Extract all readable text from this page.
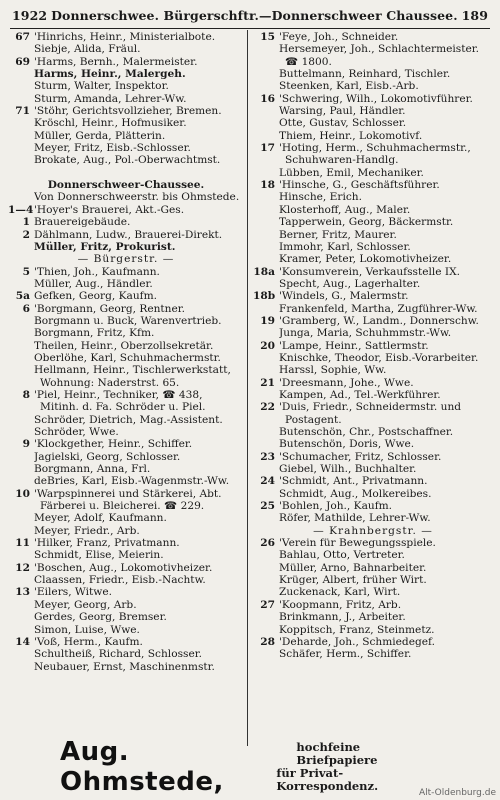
1922 Donnerschwee. Bürgerschftr.—Donnerschweer Chaussee. 189
67 'Hinrichs, Heinr., Ministerialbote.
Siebje, Alida, Fräul.
69 'Harms, Bernh., Malermeister.
Harms, Heinr., Malergeh.
Sturm, Walter, Inspektor.
Sturm, Amanda, Lehrer-Ww.
71 'Stöhr, Gerichtsvollzieher, Bremen.
Kröschl, Heinr., Hofmusiker.
Müller, Gerda, Plätterin.
Meyer, Fritz, Eisb.-Schlosser.
Brokate, Aug., Pol.-Oberwachtmst.
Donnerschweer-Chaussee.
Von Donnerschweerstr. bis Ohmstede.
1—4 'Hoyer's Brauerei, Akt.-Ges.
1 Brauereigebäude.
2 Dählmann, Ludw., Brauerei-Direkt.
Müller, Fritz, Prokurist.
— Bürgerstr. —
5 'Thien, Joh., Kaufmann.
Müller, Aug., Händler.
5a Gefken, Georg, Kaufm.
6 'Borgmann, Georg, Rentner.
Borgmann u. Buck, Warenvertrieb.
Borgmann, Fritz, Kfm.
Theilen, Heinr., Oberzollsekretär.
Oberlöhe, Karl, Schuhmachermstr.
Hellmann, Heinr., Tischlerwerkstatt,
Wohnung: Naderstrst. 65.
8 'Piel, Heinr., Techniker, ☎ 438,
Mitinh. d. Fa. Schröder u. Piel.
Schröder, Dietrich, Mag.-Assistent.
Schröder, Wwe.
9 'Klockgether, Heinr., Schiffer.
Jagielski, Georg, Schlosser.
Borgmann, Anna, Frl.
deBries, Karl, Eisb.-Wagenmstr.-Ww.
10 'Warpspinnerei und Stärkerei, Abt.
Färberei u. Bleicherei. ☎ 229.
Meyer, Adolf, Kaufmann.
Meyer, Friedr., Arb.
11 'Hilker, Franz, Privatmann.
Schmidt, Elise, Meierin.
12 'Boschen, Aug., Lokomotivheizer.
Claassen, Friedr., Eisb.-Nachtw.
13 'Eilers, Witwe.
Meyer, Georg, Arb.
Gerdes, Georg, Bremser.
Simon, Luise, Wwe.
14 'Voß, Herm., Kaufm.
Schultheiß, Richard, Schlosser.
Neubauer, Ernst, Maschinenmstr.
15 'Feye, Joh., Schneider.
Hersemeyer, Joh., Schlachtermeister.
☎ 1800.
Buttelmann, Reinhard, Tischler.
Steenken, Karl, Eisb.-Arb.
16 'Schwering, Wilh., Lokomotivführer.
Warsing, Paul, Händler.
Otte, Gustav, Schlosser.
Thiem, Heinr., Lokomotivf.
17 'Hoting, Herm., Schuhmachermstr.,
Schuhwaren-Handlg.
Lübben, Emil, Mechaniker.
18 'Hinsche, G., Geschäftsführer.
Hinsche, Erich.
Klosterhoff, Aug., Maler.
Tapperwein, Georg, Bäckermstr.
Berner, Fritz, Maurer.
Immohr, Karl, Schlosser.
Kramer, Peter, Lokomotivheizer.
18a 'Konsumverein, Verkaufsstelle IX.
Specht, Aug., Lagerhalter.
18b 'Windels, G., Malermstr.
Frankenfeld, Martha, Zugführer-Ww.
19 'Gramberg, W., Landm., Donnerschw.
Junga, Maria, Schuhmmstr.-Ww.
20 'Lampe, Heinr., Sattlermstr.
Knischke, Theodor, Eisb.-Vorarbeiter.
Harssl, Sophie, Ww.
21 'Dreesmann, Johe., Wwe.
Kampen, Ad., Tel.-Werkführer.
22 'Duis, Friedr., Schneidermstr. und
Postagent.
Butenschön, Chr., Postschaffner.
Butenschön, Doris, Wwe.
23 'Schumacher, Fritz, Schlosser.
Giebel, Wilh., Buchhalter.
24 'Schmidt, Ant., Privatmann.
Schmidt, Aug., Molkereibes.
25 'Bohlen, Joh., Kaufm.
Röfer, Mathilde, Lehrer-Ww.
— Krahnbergstr. —
26 'Verein für Bewegungsspiele.
Bahlau, Otto, Vertreter.
Müller, Arno, Bahnarbeiter.
Krüger, Albert, früher Wirt.
Zuckenack, Karl, Wirt.
27 'Koopmann, Fritz, Arb.
Brinkmann, J., Arbeiter.
Koppitsch, Franz, Steinmetz.
28 'Deharde, Joh., Schmiedegef.
Schäfer, Herm., Schiffer.
Aug. Ohmstede,
hochfeine Briefpapiere
für Privat-Korrespondenz.	Alt-Oldenburg.de
